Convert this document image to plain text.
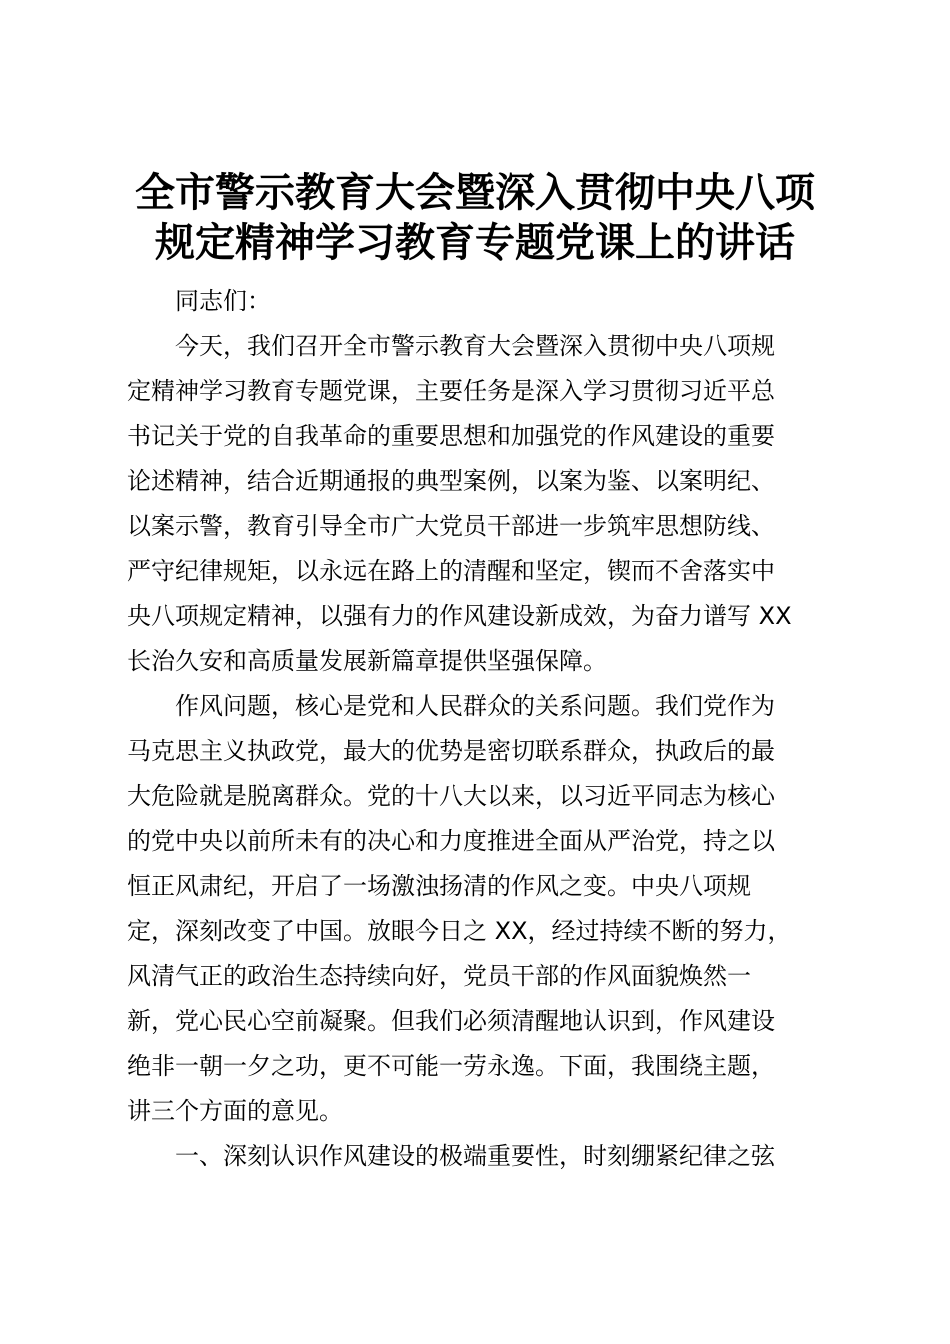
全市警示教育大会暨深入贯彻中央八项
规定精神学习教育专题党课上的讲话

同志们：

今天，我们召开全市警示教育大会暨深入贯彻中央八项规
定精神学习教育专题党课，主要任务是深入学习贯彻习近平总
书记关于党的自我革命的重要思想和加强党的作风建设的重要
论述精神，结合近期通报的典型案例，以案为鉴、以案明纪、
以案示警，教育引导全市广大党员干部进一步筑牢思想防线、
严守纪律规矩，以永远在路上的清醒和坚定，锲而不舍落实中
央八项规定精神，以强有力的作风建设新成效，为奋力谱写 XX
长治久安和高质量发展新篇章提供坚强保障。

作风问题，核心是党和人民群众的关系问题。我们党作为
马克思主义执政党，最大的优势是密切联系群众，执政后的最
大危险就是脱离群众。党的十八大以来，以习近平同志为核心
的党中央以前所未有的决心和力度推进全面从严治党，持之以
恒正风肃纪，开启了一场激浊扬清的作风之变。中央八项规
定，深刻改变了中国。放眼今日之 XX，经过持续不断的努力，
风清气正的政治生态持续向好，党员干部的作风面貌焕然一
新，党心民心空前凝聚。但我们必须清醒地认识到，作风建设
绝非一朝一夕之功，更不可能一劳永逸。下面，我围绕主题，
讲三个方面的意见。

一、深刻认识作风建设的极端重要性，时刻绷紧纪律之弦
